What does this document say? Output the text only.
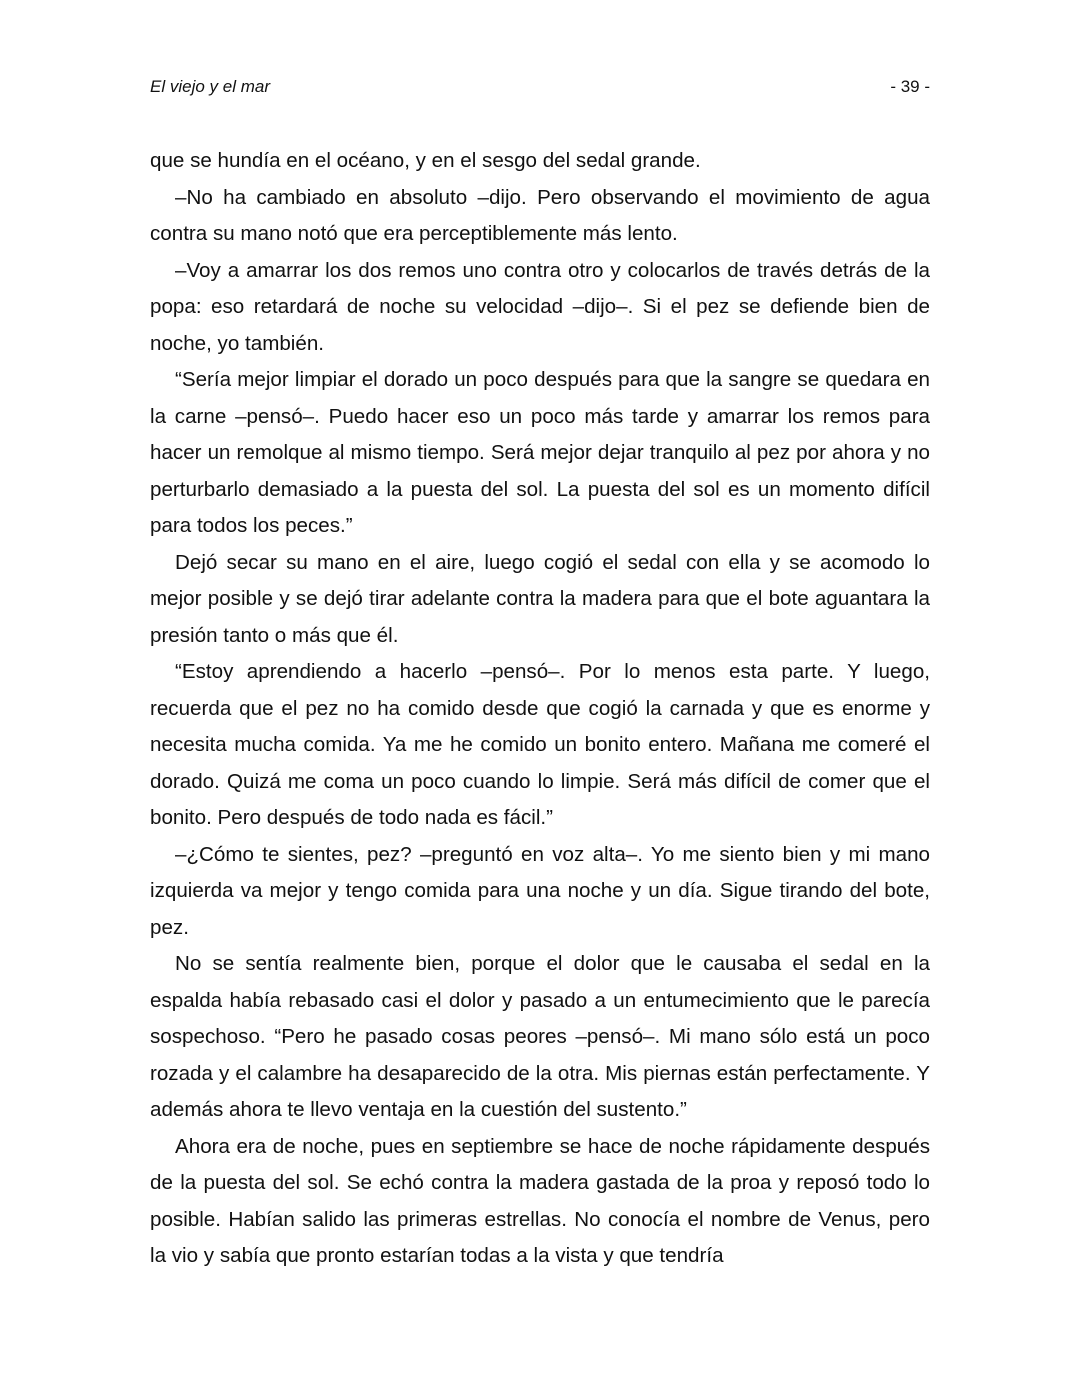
El viejo y el mar	- 39 -

que se hundía en el océano, y en el sesgo del sedal grande.

–No ha cambiado en absoluto –dijo. Pero observando el movimiento de agua contra su mano notó que era perceptiblemente más lento.

–Voy a amarrar los dos remos uno contra otro y colocarlos de través detrás de la popa: eso retardará de noche su velocidad –dijo–. Si el pez se defiende bien de noche, yo también.

“Sería mejor limpiar el dorado un poco después para que la sangre se quedara en la carne –pensó–. Puedo hacer eso un poco más tarde y amarrar los remos para hacer un remolque al mismo tiempo. Será mejor dejar tranquilo al pez por ahora y no perturbarlo demasiado a la puesta del sol. La puesta del sol es un momento difícil para todos los peces.”

Dejó secar su mano en el aire, luego cogió el sedal con ella y se acomodo lo mejor posible y se dejó tirar adelante contra la madera para que el bote aguantara la presión tanto o más que él.

“Estoy aprendiendo a hacerlo –pensó–. Por lo menos esta parte. Y luego, recuerda que el pez no ha comido desde que cogió la carnada y que es enorme y necesita mucha comida. Ya me he comido un bonito entero. Mañana me comeré el dorado. Quizá me coma un poco cuando lo limpie. Será más difícil de comer que el bonito. Pero después de todo nada es fácil.”

–¿Cómo te sientes, pez? –preguntó en voz alta–. Yo me siento bien y mi mano izquierda va mejor y tengo comida para una noche y un día. Sigue tirando del bote, pez.

No se sentía realmente bien, porque el dolor que le causaba el sedal en la espalda había rebasado casi el dolor y pasado a un entumecimiento que le parecía sospechoso. “Pero he pasado cosas peores –pensó–. Mi mano sólo está un poco rozada y el calambre ha desaparecido de la otra. Mis piernas están perfectamente. Y además ahora te llevo ventaja en la cuestión del sustento.”

Ahora era de noche, pues en septiembre se hace de noche rápidamente después de la puesta del sol. Se echó contra la madera gastada de la proa y reposó todo lo posible. Habían salido las primeras estrellas. No conocía el nombre de Venus, pero la vio y sabía que pronto estarían todas a la vista y que tendría
